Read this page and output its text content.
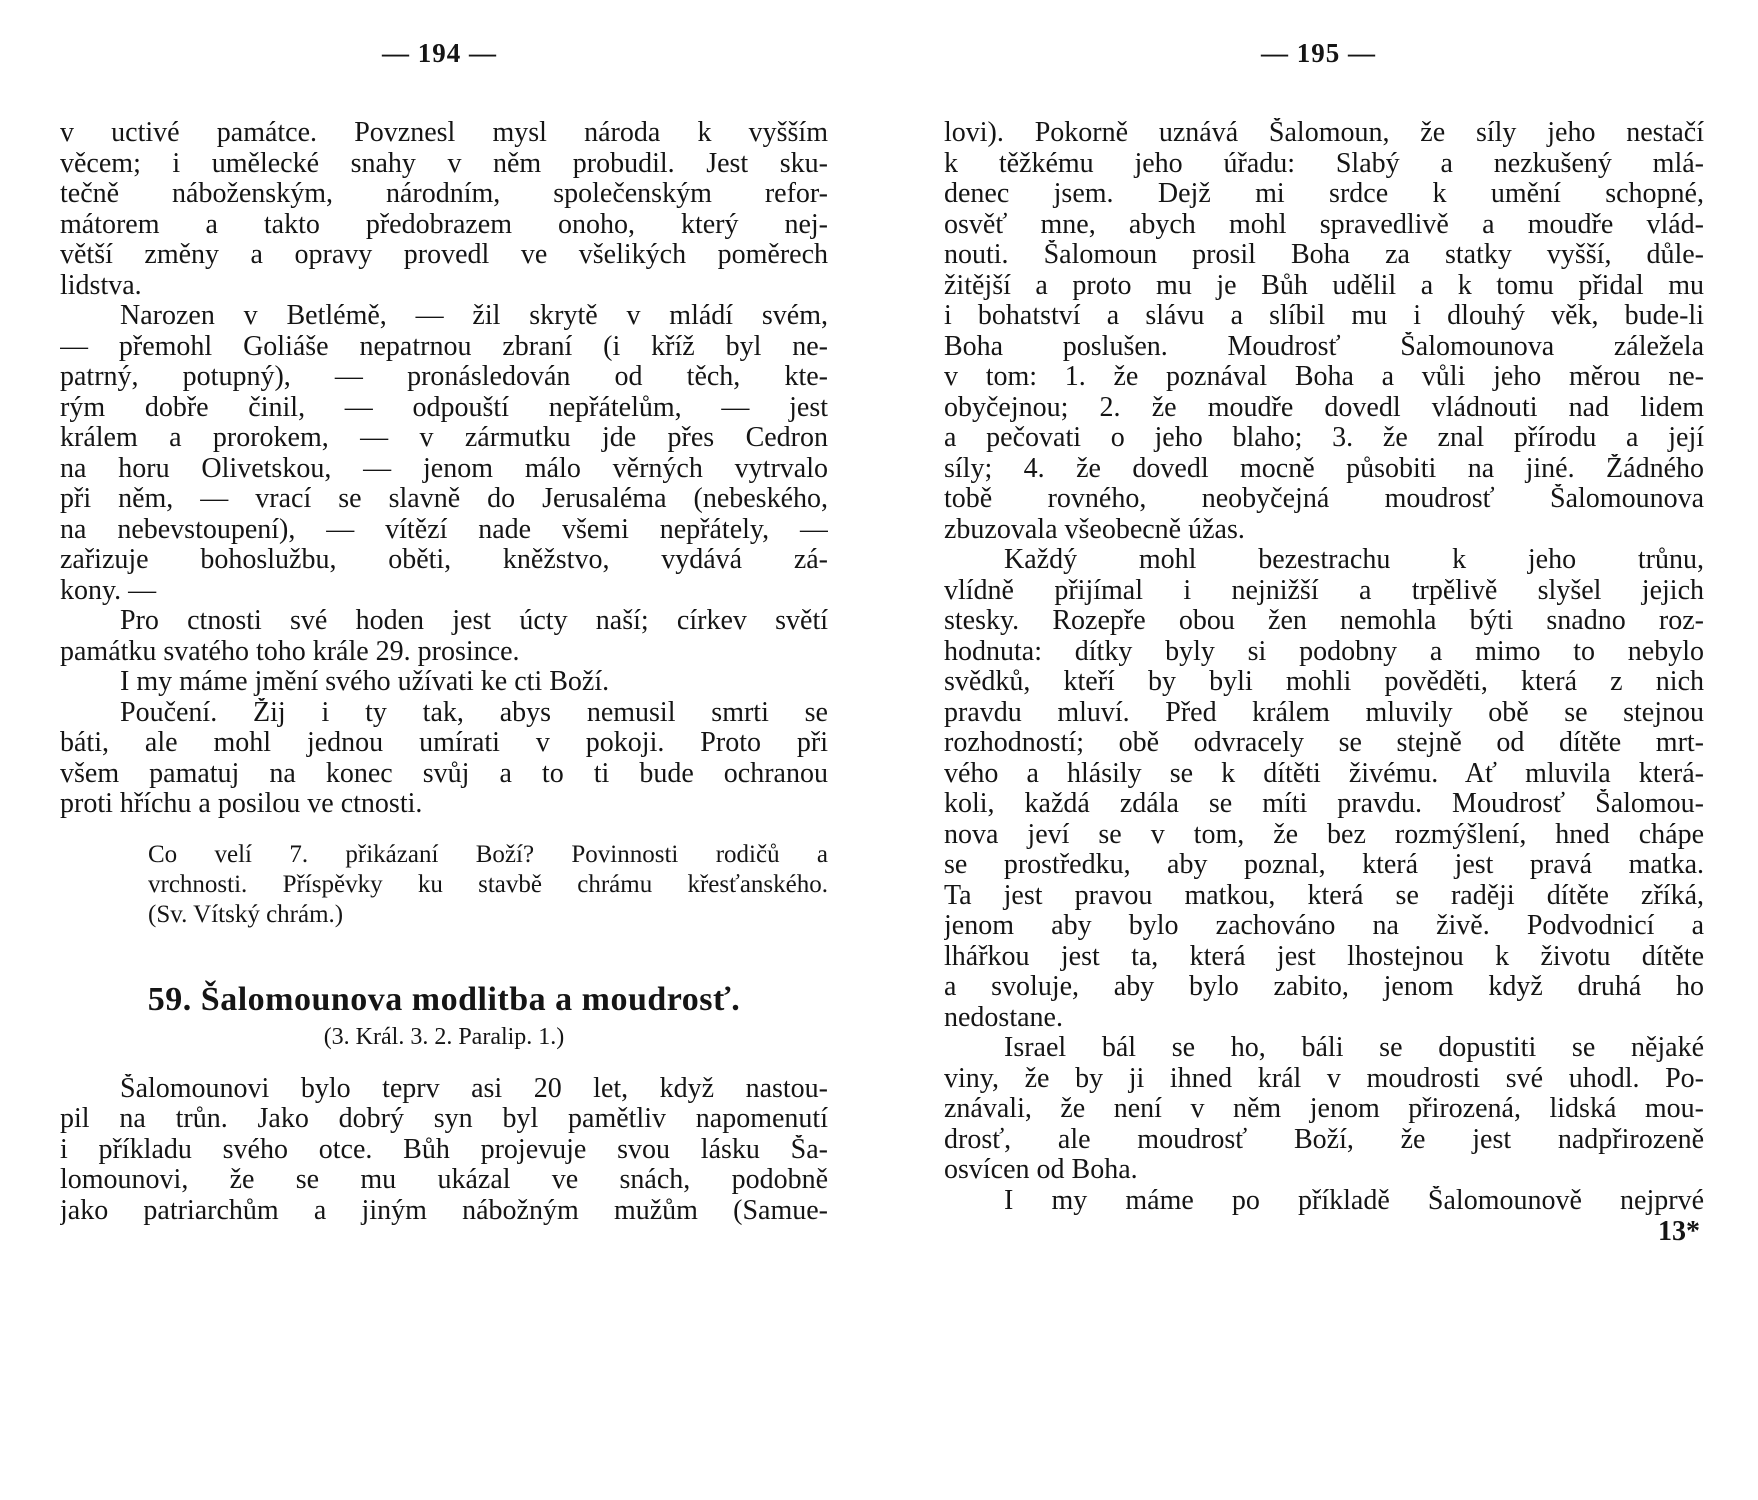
— 194 —
v uctivé památce. Povznesl mysl národa k vyšším
věcem; i umělecké snahy v něm probudil. Jest sku-
tečně náboženským, národním, společenským refor-
mátorem a takto předobrazem onoho, který nej-
větší změny a opravy provedl ve všelikých poměrech
lidstva.
Narozen v Betlémě, — žil skrytě v mládí svém,
— přemohl Goliáše nepatrnou zbraní (i kříž byl ne-
patrný, potupný), — pronásledován od těch, kte-
rým dobře činil, — odpouští nepřátelům, — jest
králem a prorokem, — v zármutku jde přes Cedron
na horu Olivetskou, — jenom málo věrných vytrvalo
při něm, — vrací se slavně do Jerusaléma (nebeského,
na nebevstoupení), — vítězí nade všemi nepřátely, —
zařizuje bohoslužbu, oběti, kněžstvo, vydává zá-
kony. —
Pro ctnosti své hoden jest úcty naší; církev světí
památku svatého toho krále 29. prosince.
I my máme jmění svého užívati ke cti Boží.
Poučení. Žij i ty tak, abys nemusil smrti se
báti, ale mohl jednou umírati v pokoji. Proto při
všem pamatuj na konec svůj a to ti bude ochranou
proti hříchu a posilou ve ctnosti.
Co velí 7. přikázaní Boží? Povinnosti rodičů a
vrchnosti. Příspěvky ku stavbě chrámu křesťanského.
(Sv. Vítský chrám.)
59. Šalomounova modlitba a moudrosť.
(3. Král. 3. 2. Paralip. 1.)
Šalomounovi bylo teprv asi 20 let, když nastou-
pil na trůn. Jako dobrý syn byl pamětliv napomenutí
i příkladu svého otce. Bůh projevuje svou lásku Ša-
lomounovi, že se mu ukázal ve snách, podobně
jako patriarchům a jiným nábožným mužům (Samue-
— 195 —
lovi). Pokorně uznává Šalomoun, že síly jeho nestačí
k těžkému jeho úřadu: Slabý a nezkušený mlá-
denec jsem. Dejž mi srdce k umění schopné,
osvěť mne, abych mohl spravedlivě a moudře vlád-
nouti. Šalomoun prosil Boha za statky vyšší, důle-
žitější a proto mu je Bůh udělil a k tomu přidal mu
i bohatství a slávu a slíbil mu i dlouhý věk, bude-li
Boha poslušen. Moudrosť Šalomounova záležela
v tom: 1. že poznával Boha a vůli jeho měrou ne-
obyčejnou; 2. že moudře dovedl vládnouti nad lidem
a pečovati o jeho blaho; 3. že znal přírodu a její
síly; 4. že dovedl mocně působiti na jiné. Žádného
tobě rovného, neobyčejná moudrosť Šalomounova
zbuzovala všeobecně úžas.
Každý mohl bezestrachu k jeho trůnu,
vlídně přijímal i nejnižší a trpělivě slyšel jejich
stesky. Rozepře obou žen nemohla býti snadno roz-
hodnuta: dítky byly si podobny a mimo to nebylo
svědků, kteří by byli mohli pověděti, která z nich
pravdu mluví. Před králem mluvily obě se stejnou
rozhodností; obě odvracely se stejně od dítěte mrt-
vého a hlásily se k dítěti živému. Ať mluvila která-
koli, každá zdála se míti pravdu. Moudrosť Šalomou-
nova jeví se v tom, že bez rozmýšlení, hned chápe
se prostředku, aby poznal, která jest pravá matka.
Ta jest pravou matkou, která se raději dítěte zříká,
jenom aby bylo zachováno na živě. Podvodnicí a
lhářkou jest ta, která jest lhostejnou k životu dítěte
a svoluje, aby bylo zabito, jenom když druhá ho
nedostane.
Israel bál se ho, báli se dopustiti se nějaké
viny, že by ji ihned král v moudrosti své uhodl. Po-
znávali, že není v něm jenom přirozená, lidská mou-
drosť, ale moudrosť Boží, že jest nadpřirozeně
osvícen od Boha.
I my máme po příkladě Šalomounově nejprvé
13*
